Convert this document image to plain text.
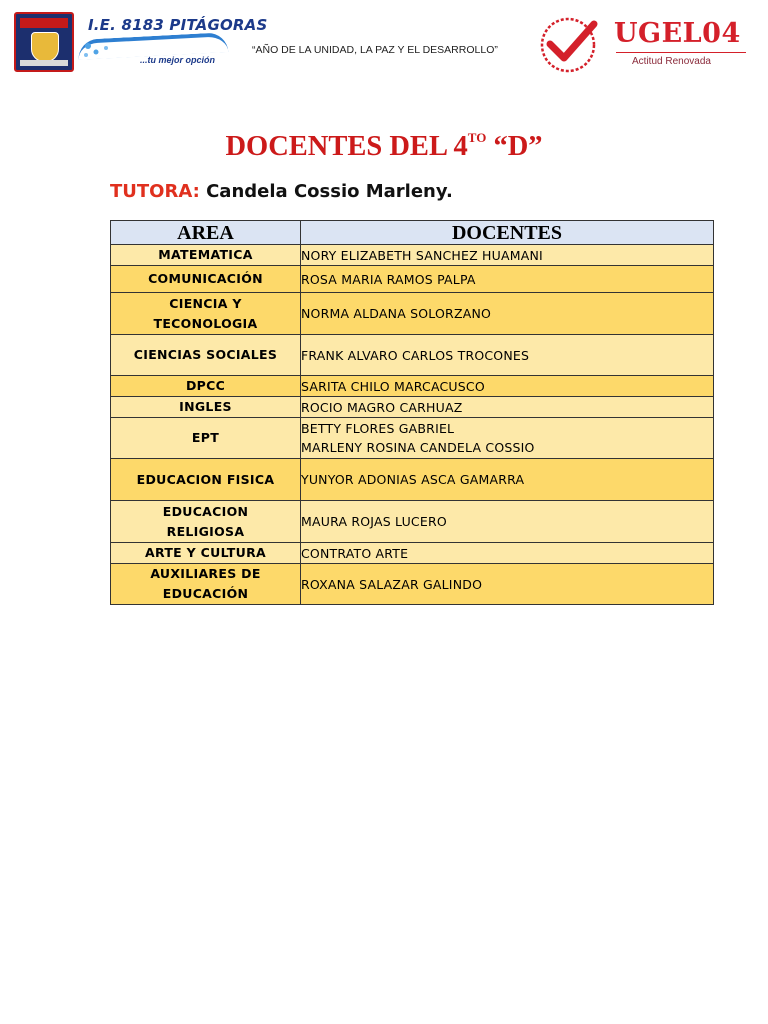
I.E. 8183 PITÁGORAS
...tu mejor opción
“AÑO DE LA UNIDAD, LA PAZ Y EL DESARROLLO”
UGEL04
Actitud Renovada
DOCENTES DEL $4^{TO}$ “D”
TUTORA: Candela Cossio Marleny.
AREA	DOCENTES

MATEMATICA	NORY ELIZABETH SANCHEZ HUAMANI

COMUNICACIÓN	ROSA MARIA RAMOS PALPA

CIENCIA Y
TECONOLOGIA	NORMA ALDANA SOLORZANO

CIENCIAS SOCIALES	FRANK ALVARO CARLOS TROCONES

DPCC	SARITA CHILO MARCACUSCO

INGLES	ROCIO MAGRO CARHUAZ

EPT	BETTY FLORES GABRIEL
MARLENY ROSINA CANDELA COSSIO

EDUCACION FISICA	YUNYOR ADONIAS ASCA GAMARRA

EDUCACION
RELIGIOSA	MAURA ROJAS LUCERO

ARTE Y CULTURA	CONTRATO ARTE

AUXILIARES DE
EDUCACIÓN	ROXANA SALAZAR GALINDO
